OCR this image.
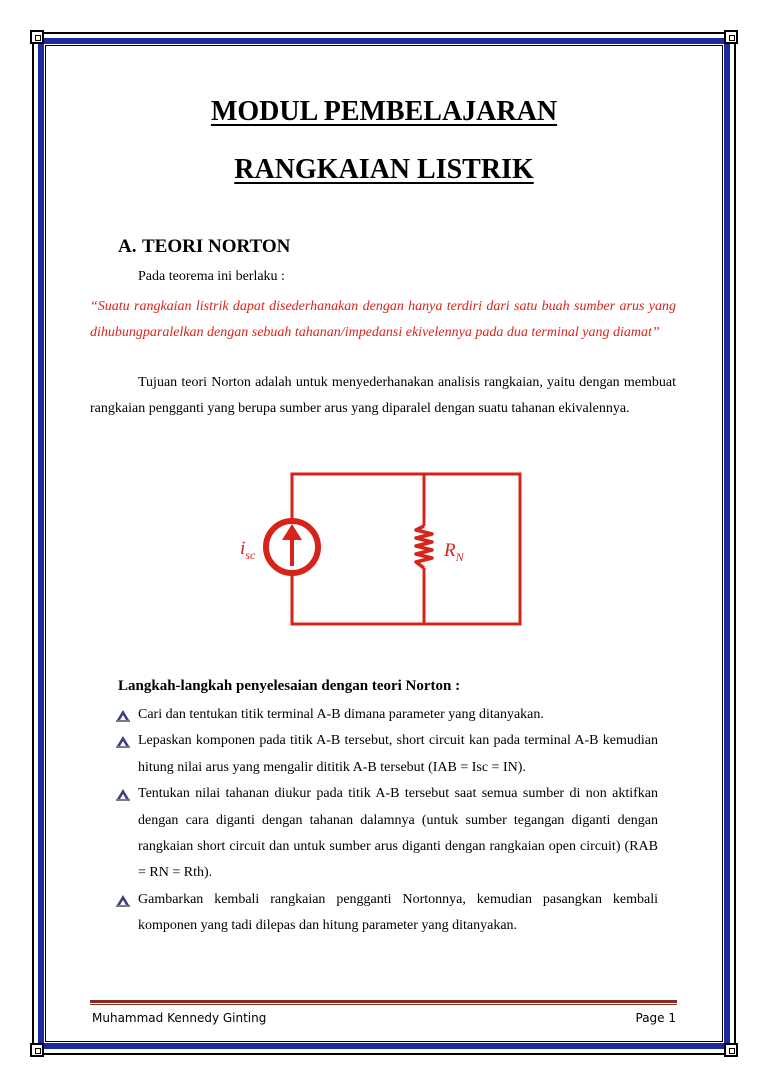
MODUL PEMBELAJARAN
RANGKAIAN LISTRIK
A. TEORI NORTON

Pada teorema ini berlaku :

“Suatu rangkaian listrik dapat disederhanakan dengan hanya terdiri dari satu buah sumber arus yang dihubungparalelkan dengan sebuah tahanan/impedansi ekivelennya pada dua terminal yang diamat”

Tujuan teori Norton adalah untuk menyederhanakan analisis rangkaian, yaitu dengan membuat rangkaian pengganti yang berupa sumber arus yang diparalel dengan suatu tahanan ekivalennya.

$i_{sc}$	$R_N$
Langkah-langkah penyelesaian dengan teori Norton :
Cari dan tentukan titik terminal A-B dimana parameter yang ditanyakan.
Lepaskan komponen pada titik A-B tersebut, short circuit kan pada terminal A-B kemudian hitung nilai arus yang mengalir dititik A-B tersebut (IAB = Isc = IN).
Tentukan nilai tahanan diukur pada titik A-B tersebut saat semua sumber di non aktifkan dengan cara diganti dengan tahanan dalamnya (untuk sumber tegangan diganti dengan rangkaian short circuit dan untuk sumber arus diganti dengan rangkaian open circuit) (RAB = RN = Rth).
Gambarkan kembali rangkaian pengganti Nortonnya, kemudian pasangkan kembali komponen yang tadi dilepas dan hitung parameter yang ditanyakan.
Muhammad Kennedy Ginting	Page 1
